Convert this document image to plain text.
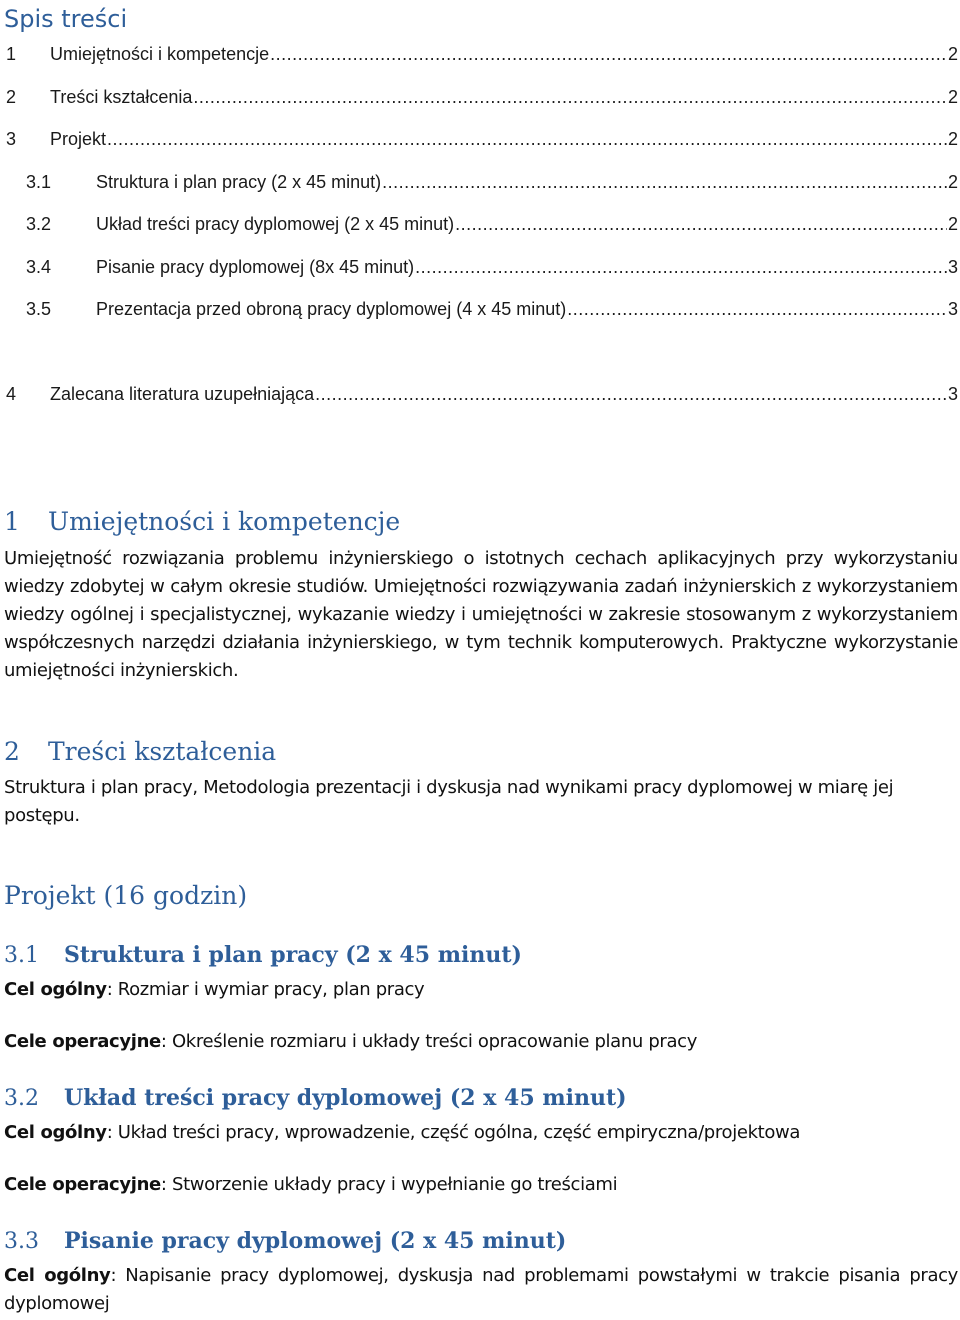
Spis treści
1	Umiejętności i kompetencje .....	2
2	Treści kształcenia .....	2
3	Projekt .....	2
3.1	Struktura i plan pracy (2 x 45 minut) .....	2
3.2	Układ treści pracy dyplomowej (2 x 45 minut) .....	2
3.4	Pisanie pracy dyplomowej (8x 45 minut) .....	3
3.5	Prezentacja przed obroną pracy dyplomowej (4 x 45 minut) .....	3
4	Zalecana literatura uzupełniająca .....	3
1 Umiejętności i kompetencje

Umiejętność rozwiązania problemu inżynierskiego o istotnych cechach aplikacyjnych przy wykorzystaniu wiedzy zdobytej w całym okresie studiów. Umiejętności rozwiązywania zadań inżynierskich z wykorzystaniem wiedzy ogólnej i specjalistycznej, wykazanie wiedzy i umiejętności w zakresie stosowanym z wykorzystaniem współczesnych narzędzi działania inżynierskiego, w tym technik komputerowych. Praktyczne wykorzystanie umiejętności inżynierskich.

2 Treści kształcenia

Struktura i plan pracy, Metodologia prezentacji i dyskusja nad wynikami pracy dyplomowej w miarę jej postępu.

Projekt (16 godzin)
3.1 Struktura i plan pracy (2 x 45 minut)

Cel ogólny: Rozmiar i wymiar pracy, plan pracy

Cele operacyjne: Określenie rozmiaru i układy treści opracowanie planu pracy

3.2 Układ treści pracy dyplomowej (2 x 45 minut)

Cel ogólny: Układ treści pracy, wprowadzenie, część ogólna, część empiryczna/projektowa

Cele operacyjne: Stworzenie układy pracy i wypełnianie go treściami

3.3 Pisanie pracy dyplomowej (2 x 45 minut)

Cel ogólny: Napisanie pracy dyplomowej, dyskusja nad problemami powstałymi w trakcie pisania pracy dyplomowej
